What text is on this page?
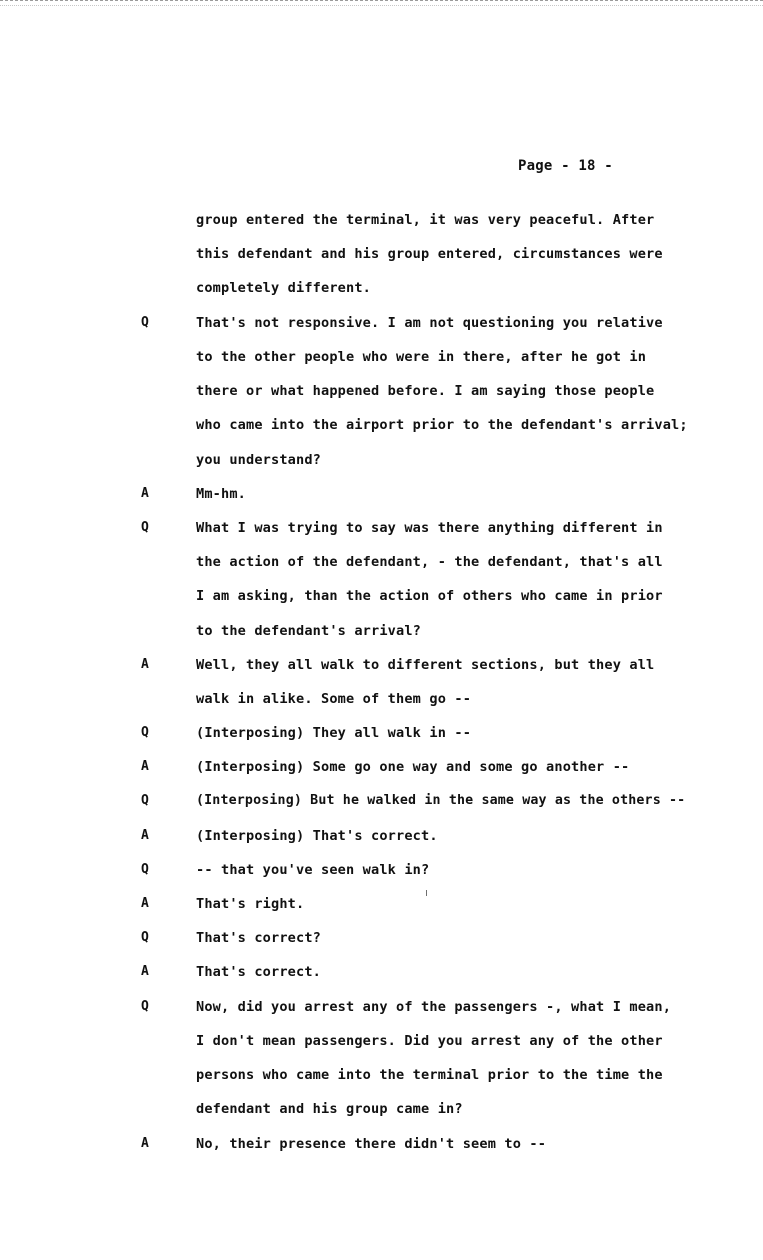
Page - 18 -
group entered the terminal, it was very peaceful. After
this defendant and his group entered, circumstances were
completely different.
Q	That's not responsive. I am not questioning you relative
to the other people who were in there, after he got in
there or what happened before. I am saying those people
who came into the airport prior to the defendant's arrival;
you understand?
A	Mm-hm.
Q	What I was trying to say was there anything different in
the action of the defendant, - the defendant, that's all
I am asking, than the action of others who came in prior
to the defendant's arrival?
A	Well, they all walk to different sections, but they all
walk in alike. Some of them go --
Q	(Interposing) They all walk in --
A	(Interposing) Some go one way and some go another --
Q	(Interposing) But he walked in the same way as the others --
A	(Interposing) That's correct.
Q	-- that you've seen walk in?
A	That's right.
Q	That's correct?
A	That's correct.
Q	Now, did you arrest any of the passengers -, what I mean,
I don't mean passengers. Did you arrest any of the other
persons who came into the terminal prior to the time the
defendant and his group came in?
A	No, their presence there didn't seem to --
